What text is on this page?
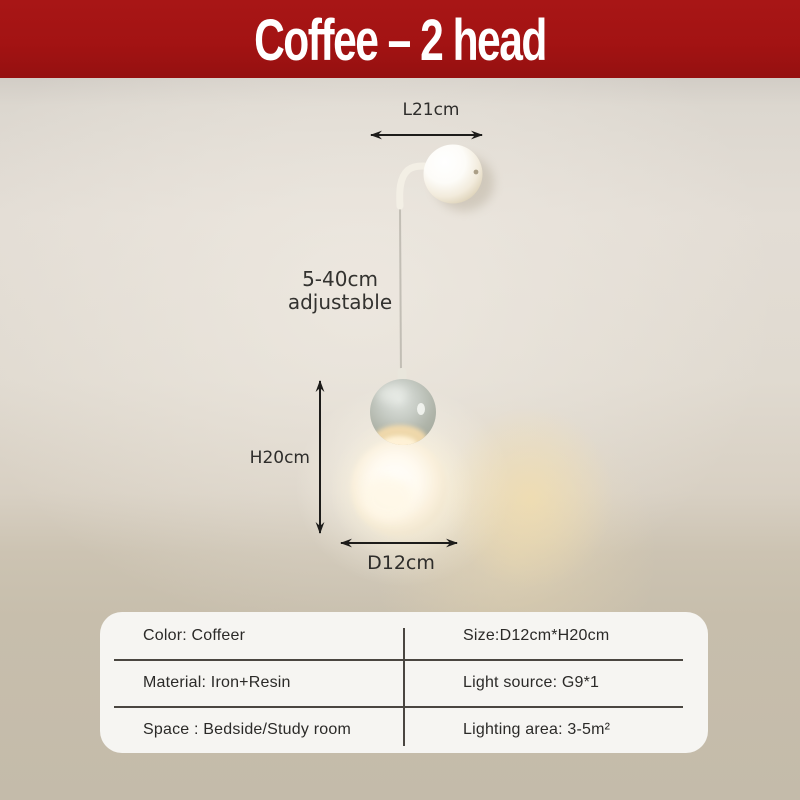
Coffee – 2 head
L21cm
5-40cm
adjustable
H20cm
D12cm
Color: Coffeer	Size:D12cm*H20cm
Material: Iron+Resin	Light source: G9*1
Space : Bedside/Study room	Lighting area: 3-5m²
